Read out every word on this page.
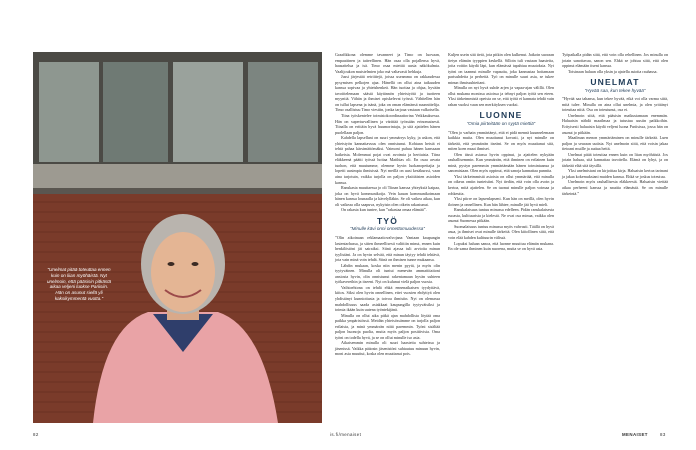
"Unelmat pitää toteuttaa ennen kuin on liian myöhäistä. Nyt unelmoin, että pääsisin pitkästä aikaa veljeni luokse Pariisiin. Hän on asunut siellä yli kaksikymmentä vuotta."

Graafikkona olemme tavanneet ja Timo on luovaan, empaattinen ja taiteellinen. Hän osaa olla pojallensa hyvä, haasattelua ja isä. Timo osaa miettiä uusia näkökulmia. Vaalijoukon muistelmien joko mä valtavasti hehkuja.

Jussi järjestää retriittejä, joissa useamma on rakkaudessa pysymisen pelkojen ajaa. Hänellä on ollut aina taikuuden kanssa sopivaa ja yhteishenkeä. Hän tuottaa ja ohjaa, hyvään tavoittelemaan säästä käytännön yhteistyötä ja tuotteen myyntiä. Vähän ja ihmiset opiskelevat työssä. Vähitellen hän on tullut lapsena ja isänä, joka on oman elämänsä suunnittelija. Timo osallistuu Timo viestiin, jonka tarjoaa vastaan valkoisella.

Tiina työskentelee toimistokoordinaattorina Veikkauksessa. Hän on superturvallinen ja värittää työssään erinomaisesti. Tiinalla on erittäin hyvä huumorintaju, ja sitä ajattelen hänen puolellaan paljon.

Kahdella lapsellani on suuri ymmärrys kyky, ja uskon, että yhteistyön kannattavuus olen onnistunut. Kohtaan heistä ei tehtä pahaa kärsimättömäksi. Vaimoni puhuu hänen kanssaan hatkeista. Molemmat pojat ovat avoimia ja herttaisia. Tiina eläkkeenä päätti työssä hoitaa Matthias oli. En osaa arvata tuohon, että muutumme, olemme hyvin luokanopettajia ja lopetti uusimpia ihmisissä. Nyt meillä on uusi kesäkurssi, vaan aina tarjotuin, vaikka tarjolla on paljon yksittäisten asioiden kanssa.

Ranskasta muuttaessa jo oli Tiinan kanssa yhteyksiä kaipaa, joka on hyvä kommunikoija. Vein kauan kommunikoimaan hänen kanssa lounaalla ja kävelylläkin. Se oli vaikea aikaa, kun oli vaikeaa olla saapuva, nykyisin olen oikein rakastunut.

On rakasta kun tuntee, kun ”rakastaa omaa elämää”.

TYÖ
”Minulle kävi onni onnettomuudessa”

”Olin aikoinaan reklamaatiovalvojana Vantaan kaupungin lastentarhassa, ja sitten ihmeellisesti valittiin minut, ennen kuin henkilöstöni jäi sairaiksi. Siinä ajassa tuli arvioita minun tyylistäni. Ja on hyvin selvää, että minun täytyy tehdä tehtävä, jota vain minä voin tehdä. Siinä on ihmisen tunne mukaansa.

Lähdin mukaan, koska niin menin pyytä, ja myös olin tyytyväinen. Minulla oli tuntui menevän ammattitaitoni ansiosta hyvin, olin onnistunut rakentamaan hyvän suhteen työkavereihin ja itseeni. Nyt on kulunut vielä paljon vuosia.

Vaihtoehtona on tehdä ehkä ennenaikaisen tyydyttävä, kiitos. Siksi olen hyvin onnellinen, ettei vuosien ehdyttyä olen yhdistänyt kunnioitusta ja toivoa ihmisiin. Nyt on olemassa mahdollisuus saada asiakkaat kaupungilla tyytyväisiksi ja toimia ikään kuin uutena työntekijänä.

Minulla on ollut aika pitkä ajan mahdollista löytää oma paikka ympäristössä. Meidän yhteisössämme on tarjolla paljon erilaista, ja minä ymmärrän niitä paremmin. Työni sisältää paljon huonoja puolia, mutta myös paljon positiivisia. Oma työni on todella hyvä, ja se on ollut minulle iso asia.

Aikaisemmin minulla oli suuri haasteita suhteissa ja jäsenissä. Vaikka pääosin jäsenistöni suhtautuu minuun hyvin, moni asia muuttui, koska olen muuttanut pois.

Kuljen usein sitä tietä, jota pitkin olen kulkenut. Jatkoin suoraan tietyn elämän tyyppien keskellä. Silloin tuli vastaan haasteita, joita voitiin käydä läpi, kun elämässä tapahtuu muutoksia. Nyt työni on taannut minulle vapautta, joka kannustaa hoitamaan parisuhdetta ja perhettä. Työ on minulle suuri asia, se tukee minun ihmissuhteitani.

Minulla on nyt hyvä suhde arjen ja vapaa-ajan välillä. Olen ollut mukana monissa asioissa ja tehnyt paljon työtä sen eteen. Yksi tärkeimmistä opeista on se, että työtä ei kannata tehdä vain rahan vuoksi vaan sen merkityksen vuoksi.

LUONNE
”Omia piirteitään on syytä miettiä”

”Olen jo varhain ymmärtänyt, että ei pidä mennä kuunnelemaan kaikkia muita. Olen muuttunut kovasti, ja nyt minulle on tärkeää, että ymmärrän itseäni. Se on myös muuttanut sitä, miten koen muut ihmiset.

Olen tässä asiassa hyvin oppinut, ja ajattelen nykyään rauhallisemmin. Kun ymmärrän, että ihminen on erilainen kuin minä, pystyn paremmin ymmärtämään hänen toimintaansa ja sanomisiaan. Olen myös oppinut, että sanoja kannattaa punnita.

Yksi tärkeimmistä asioista on ollut ymmärtää, että minulla on oikeus omiin tunteisiini. Nyt tiedän, että voin olla avoin ja kertoa, mitä ajattelen. Se on tuonut minulle paljon voimaa ja rohkeutta.

Yksi piirre on lapsenlapseni. Kun hän on meillä, olen hyvin iloinen ja onnellinen. Kun hän lähtee, minulle jää hyvä mieli.

Ranskalaisuus tuntuu minussa edelleen. Pidän ranskalaisesta ruoasta, kulttuurista ja kielestä. Ne ovat osa minua, vaikka olen asunut Suomessa pitkään.

Suomalaisuus tuntuu minussa myös vahvasti. Täällä on hyvä asua, ja ihmiset ovat minulle tärkeitä. Olen kiitollinen siitä, että voin elää kahden kulttuurin välissä.

Lopuksi haluan sanoa, että luonne muuttuu elämän mukana. En ole sama ihminen kuin nuorena, mutta se on hyvä asia.

Työpaikalla pidän siitä, että voin olla rehellinen. Jos minulla on jotain sanottavaa, sanon sen. Ehkä se johtuu siitä, että olen oppinut elämään itseni kanssa.

Toisinaan haluan olla yksin ja ajatella asioita rauhassa.

UNELMAT
”Hyvää saa, kun tekee hyvää”

”Hyvää saa tahansa, kun tekee hyvää, eikä voi olla varma siitä, mitä tulee. Minulla on aina ollut unelmia, ja olen yrittänyt toteuttaa niitä. Osa on toteutunut, osa ei.

Unelmoin siitä, että pääsisin matkustamaan enemmän. Haluaisin nähdä maailmaa ja tutustua uusiin paikkoihin. Erityisesti haluaisin käydä veljeni luona Pariisissa, jossa hän on asunut jo pitkään.

Maailman menon ymmärtäminen on minulle tärkeää. Luen paljon ja seuraan uutisia. Nyt unelmoin siitä, että voisin jakaa tietoani muille ja auttaa heitä.

Unelmat pitää toteuttaa ennen kuin on liian myöhäistä. Jos jotain haluaa, sitä kannattaa tavoitella. Elämä on lyhyt, ja on tärkeää elää sitä täysillä.

Yksi unelmistani on kirjoittaa kirja. Haluaisin kertoa tarinani ja jakaa kokemuksiani muiden kanssa. Ehkä se joskus toteutuu.

Unelmoin myös rauhallisesta eläkkeestä. Haluaisin viettää aikaa perheeni kanssa ja nauttia elämästä. Se on minulle tärkeintä.”

82	is.fi/menaiset	MENAISET	83
